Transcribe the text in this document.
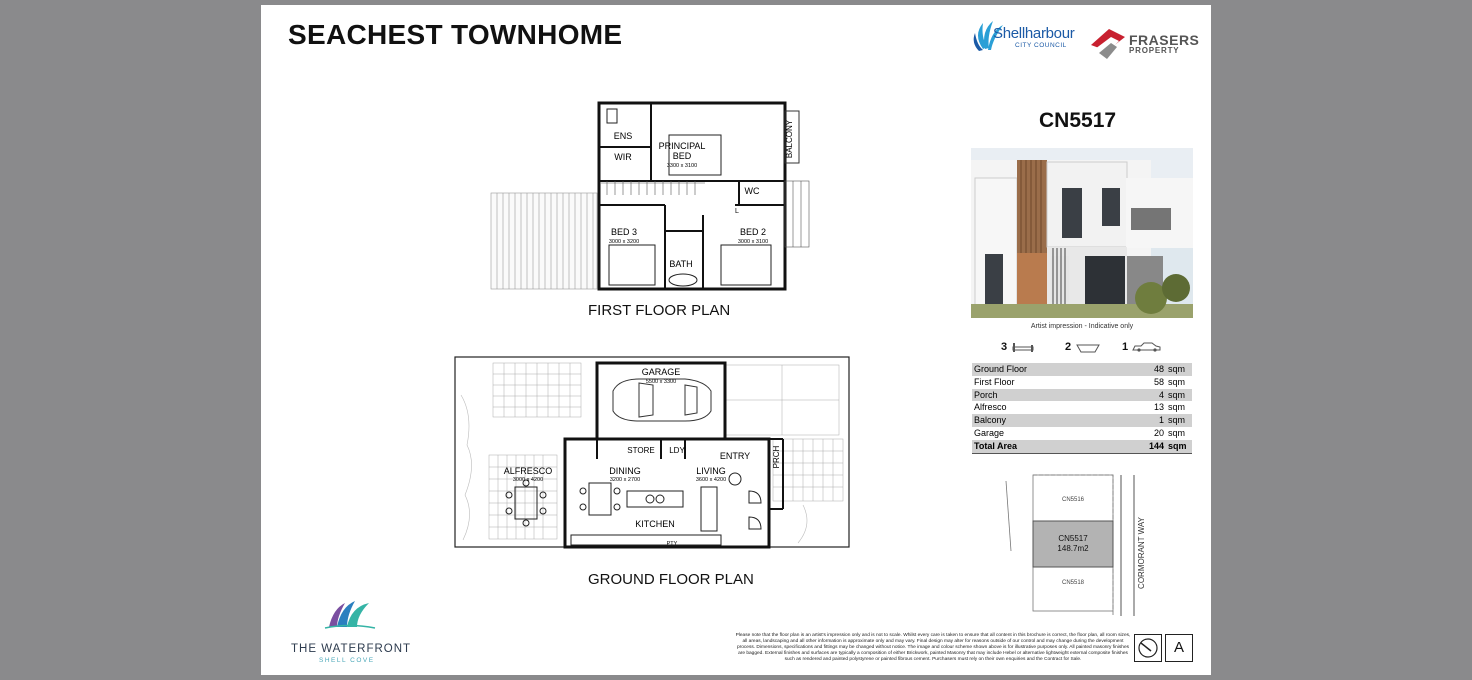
SEACHEST TOWNHOME	Shellharbour
CITY COUNCIL	FRASERS
PROPERTY
CN5517
Artist impression - Indicative only
3	2	1
Ground Floor	48	sqm
First Floor	58	sqm
Porch	4	sqm
Alfresco	13	sqm
Balcony	1	sqm
Garage	20	sqm
Total Area	144	sqm
CN5516
CN5517
148.7m2
CN5518	CORMORANT WAY
PRINCIPAL
BED
3300 x 3100
ENS
WIR	BALCONY
WC
L
BED 3
3000 x 3200
BED 2
3000 x 3100
BATH
FIRST FLOOR PLAN
GARAGE
5500 x 3300
STORE LDY
ENTRY	PRCH
ALFRESCO
3000 x 4200
DINING
3200 x 2700
LIVING
3600 x 4200
KITCHEN
PTY
GROUND FLOOR PLAN
THE WATERFRONT
SHELL COVE
Please note that the floor plan is an artist's impression only and is not to scale. Whilst every care is taken to ensure that all content in this brochure is correct, the floor plan, all room sizes, all areas, landscaping and all other information is approximate only and may vary. Final design may alter for reasons outside of our control and may change during the development process. Dimensions, specifications and fittings may be changed without notice. The image and colour scheme shown above is for illustrative purposes only. All painted masonry finishes are bagged. External finishes and surfaces are typically a composition of either Brickwork, painted Masonry that may include Hebel or alternative lightweight external composite finishes such as rendered and painted polystyrene or painted fibrous cement. Purchasers must rely on their own enquiries and the Contract for Sale.
A
